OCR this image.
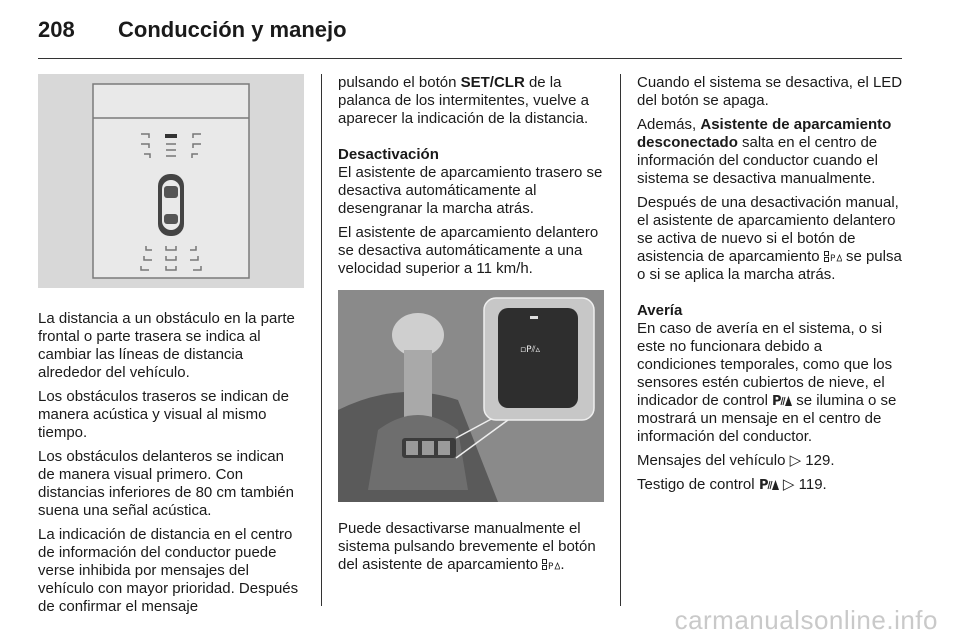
208	Conducción y manejo

La distancia a un obstáculo en la parte frontal o parte trasera se indica al cambiar las líneas de distancia alrededor del vehículo.

Los obstáculos traseros se indican de manera acústica y visual al mismo tiempo.

Los obstáculos delanteros se indican de manera visual primero. Con distancias inferiores de 80 cm también suena una señal acústica.

La indicación de distancia en el centro de información del conductor puede verse inhibida por mensajes del vehículo con mayor prioridad. Después de confirmar el mensaje

pulsando el botón SET/CLR de la palanca de los intermitentes, vuelve a aparecer la indicación de la distancia.

Desactivación

El asistente de aparcamiento trasero se desactiva automáticamente al desengranar la marcha atrás.

El asistente de aparcamiento delantero se desactiva automáticamente a una velocidad superior a 11 km/h.

▫P⫽▵

Puede desactivarse manualmente el sistema pulsando brevemente el botón del asistente de aparcamiento P .

Cuando el sistema se desactiva, el LED del botón se apaga.

Además, Asistente de aparcamiento desconectado salta en el centro de información del conductor cuando el sistema se desactiva manualmente.

Después de una desactivación manual, el asistente de aparcamiento delantero se activa de nuevo si el botón de asistencia de aparcamiento P se pulsa o si se aplica la marcha atrás.

Avería

En caso de avería en el sistema, o si este no funcionara debido a condiciones temporales, como que los sensores estén cubiertos de nieve, el indicador de control P se ilumina o se mostrará un mensaje en el centro de información del conductor.

Mensajes del vehículo ▷ 129.

Testigo de control P ▷ 119.

carmanualsonline.info
